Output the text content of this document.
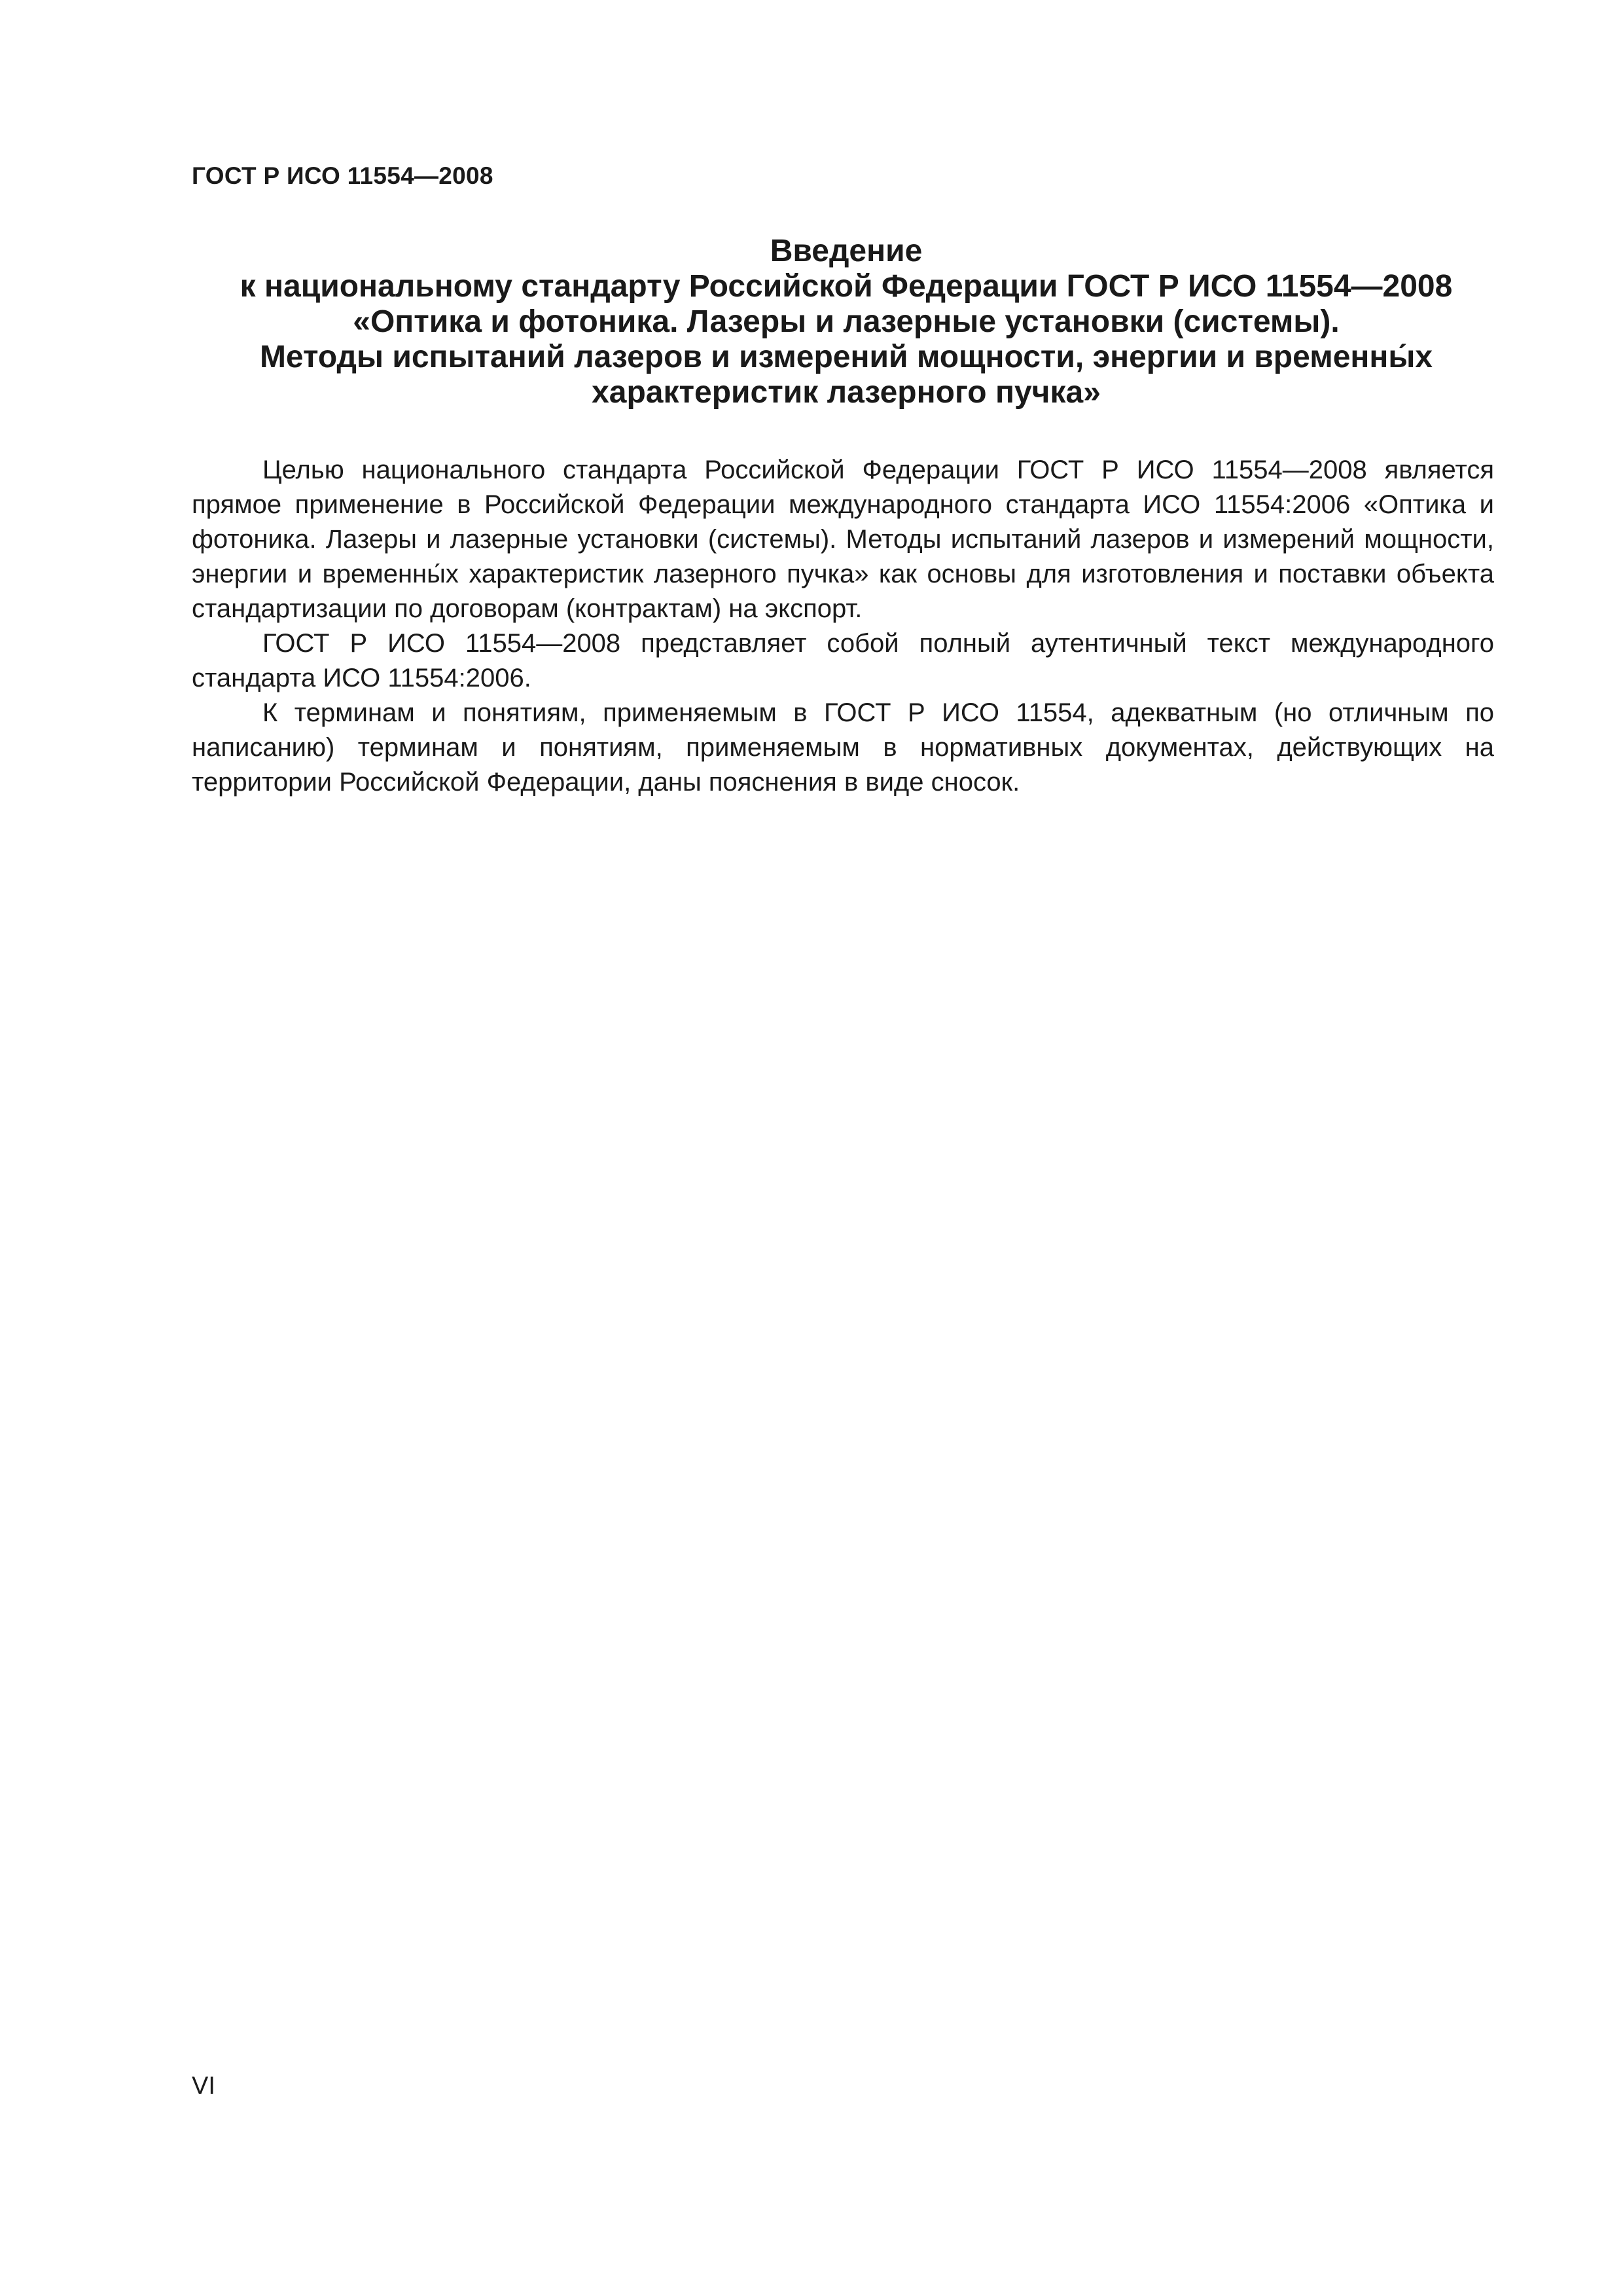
ГОСТ Р ИСО 11554—2008
Введение
к национальному стандарту Российской Федерации ГОСТ Р ИСО 11554—2008
«Оптика и фотоника. Лазеры и лазерные установки (системы).
Методы испытаний лазеров и измерений мощности, энергии и временны́х
характеристик лазерного пучка»

Целью национального стандарта Российской Федерации ГОСТ Р ИСО 11554—2008 является прямое применение в Российской Федерации международного стандарта ИСО 11554:2006 «Оптика и фотоника. Лазеры и лазерные установки (системы). Методы испытаний лазеров и измерений мощности, энергии и временны́х характеристик лазерного пучка» как основы для изготовления и поставки объекта стандартизации по договорам (контрактам) на экспорт.

ГОСТ Р ИСО 11554—2008 представляет собой полный аутентичный текст международного стандарта ИСО 11554:2006.

К терминам и понятиям, применяемым в ГОСТ Р ИСО 11554, адекватным (но отличным по написанию) терминам и понятиям, применяемым в нормативных документах, действующих на территории Российской Федерации, даны пояснения в виде сносок.

VI
